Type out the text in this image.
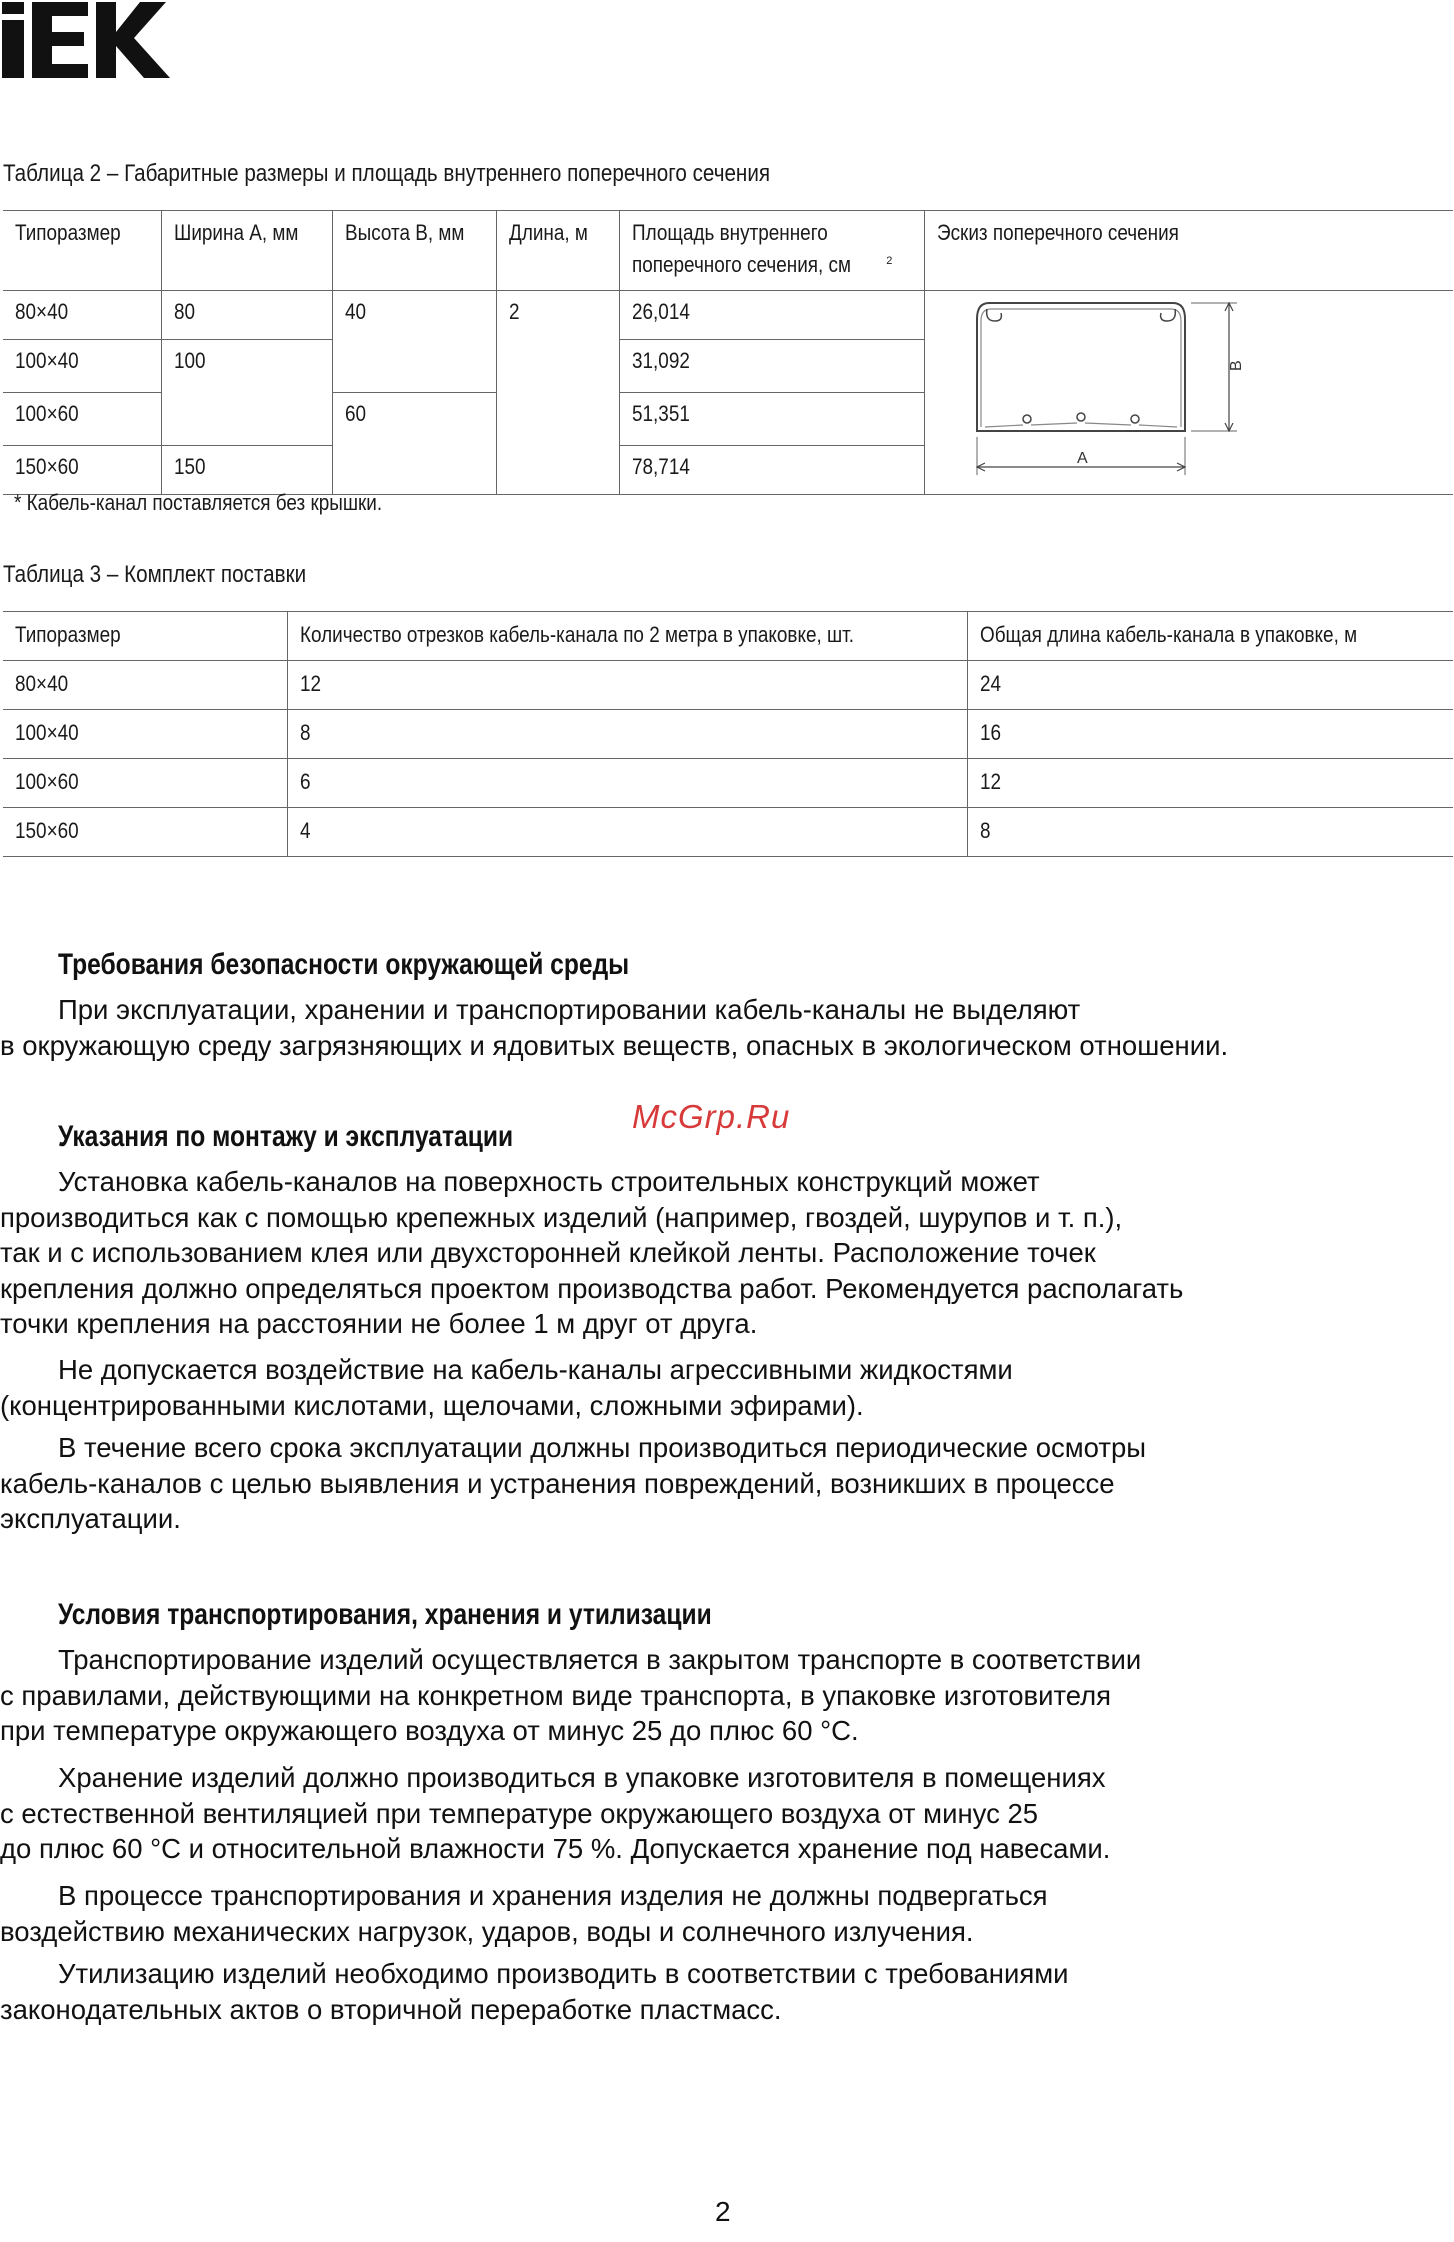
Таблица 2 – Габаритные размеры и площадь внутреннего поперечного сечения
Типоразмер	Ширина А, мм	Высота В, мм	Длина, м	Площадь внутреннего
поперечного сечения, см $^2$	Эскиз поперечного сечения
80×40	80	40	2	26,014	B
A

100×40	100			31,092	
100×60		60		51,351	
150×60	150			78,714	
* Кабель-канал поставляется без крышки.
Таблица 3 – Комплект поставки
Типоразмер	Количество отрезков кабель-канала по 2 метра в упаковке, шт.	Общая длина кабель-канала в упаковке, м
80×40	12	24
100×40	8	16
100×60	6	12
150×60	4	8
Требования безопасности окружающей среды
При эксплуатации, хранении и транспортировании кабель-каналы не выделяют
в окружающую среду загрязняющих и ядовитых веществ, опасных в экологическом отношении.
Указания по монтажу и эксплуатации
McGrp.Ru
Установка кабель-каналов на поверхность строительных конструкций может
производиться как с помощью крепежных изделий (например, гвоздей, шурупов и т. п.),
так и с использованием клея или двухсторонней клейкой ленты. Расположение точек
крепления должно определяться проектом производства работ. Рекомендуется располагать
точки крепления на расстоянии не более 1 м друг от друга.
Не допускается воздействие на кабель-каналы агрессивными жидкостями
(концентрированными кислотами, щелочами, сложными эфирами).
В течение всего срока эксплуатации должны производиться периодические осмотры
кабель-каналов с целью выявления и устранения повреждений, возникших в процессе
эксплуатации.
Условия транспортирования, хранения и утилизации
Транспортирование изделий осуществляется в закрытом транспорте в соответствии
с правилами, действующими на конкретном виде транспорта, в упаковке изготовителя
при температуре окружающего воздуха от минус 25 до плюс 60 °С.
Хранение изделий должно производиться в упаковке изготовителя в помещениях
с естественной вентиляцией при температуре окружающего воздуха от минус 25
до плюс 60 °С и относительной влажности 75 %. Допускается хранение под навесами.
В процессе транспортирования и хранения изделия не должны подвергаться
воздействию механических нагрузок, ударов, воды и солнечного излучения.
Утилизацию изделий необходимо производить в соответствии с требованиями
законодательных актов о вторичной переработке пластмасс.
2
